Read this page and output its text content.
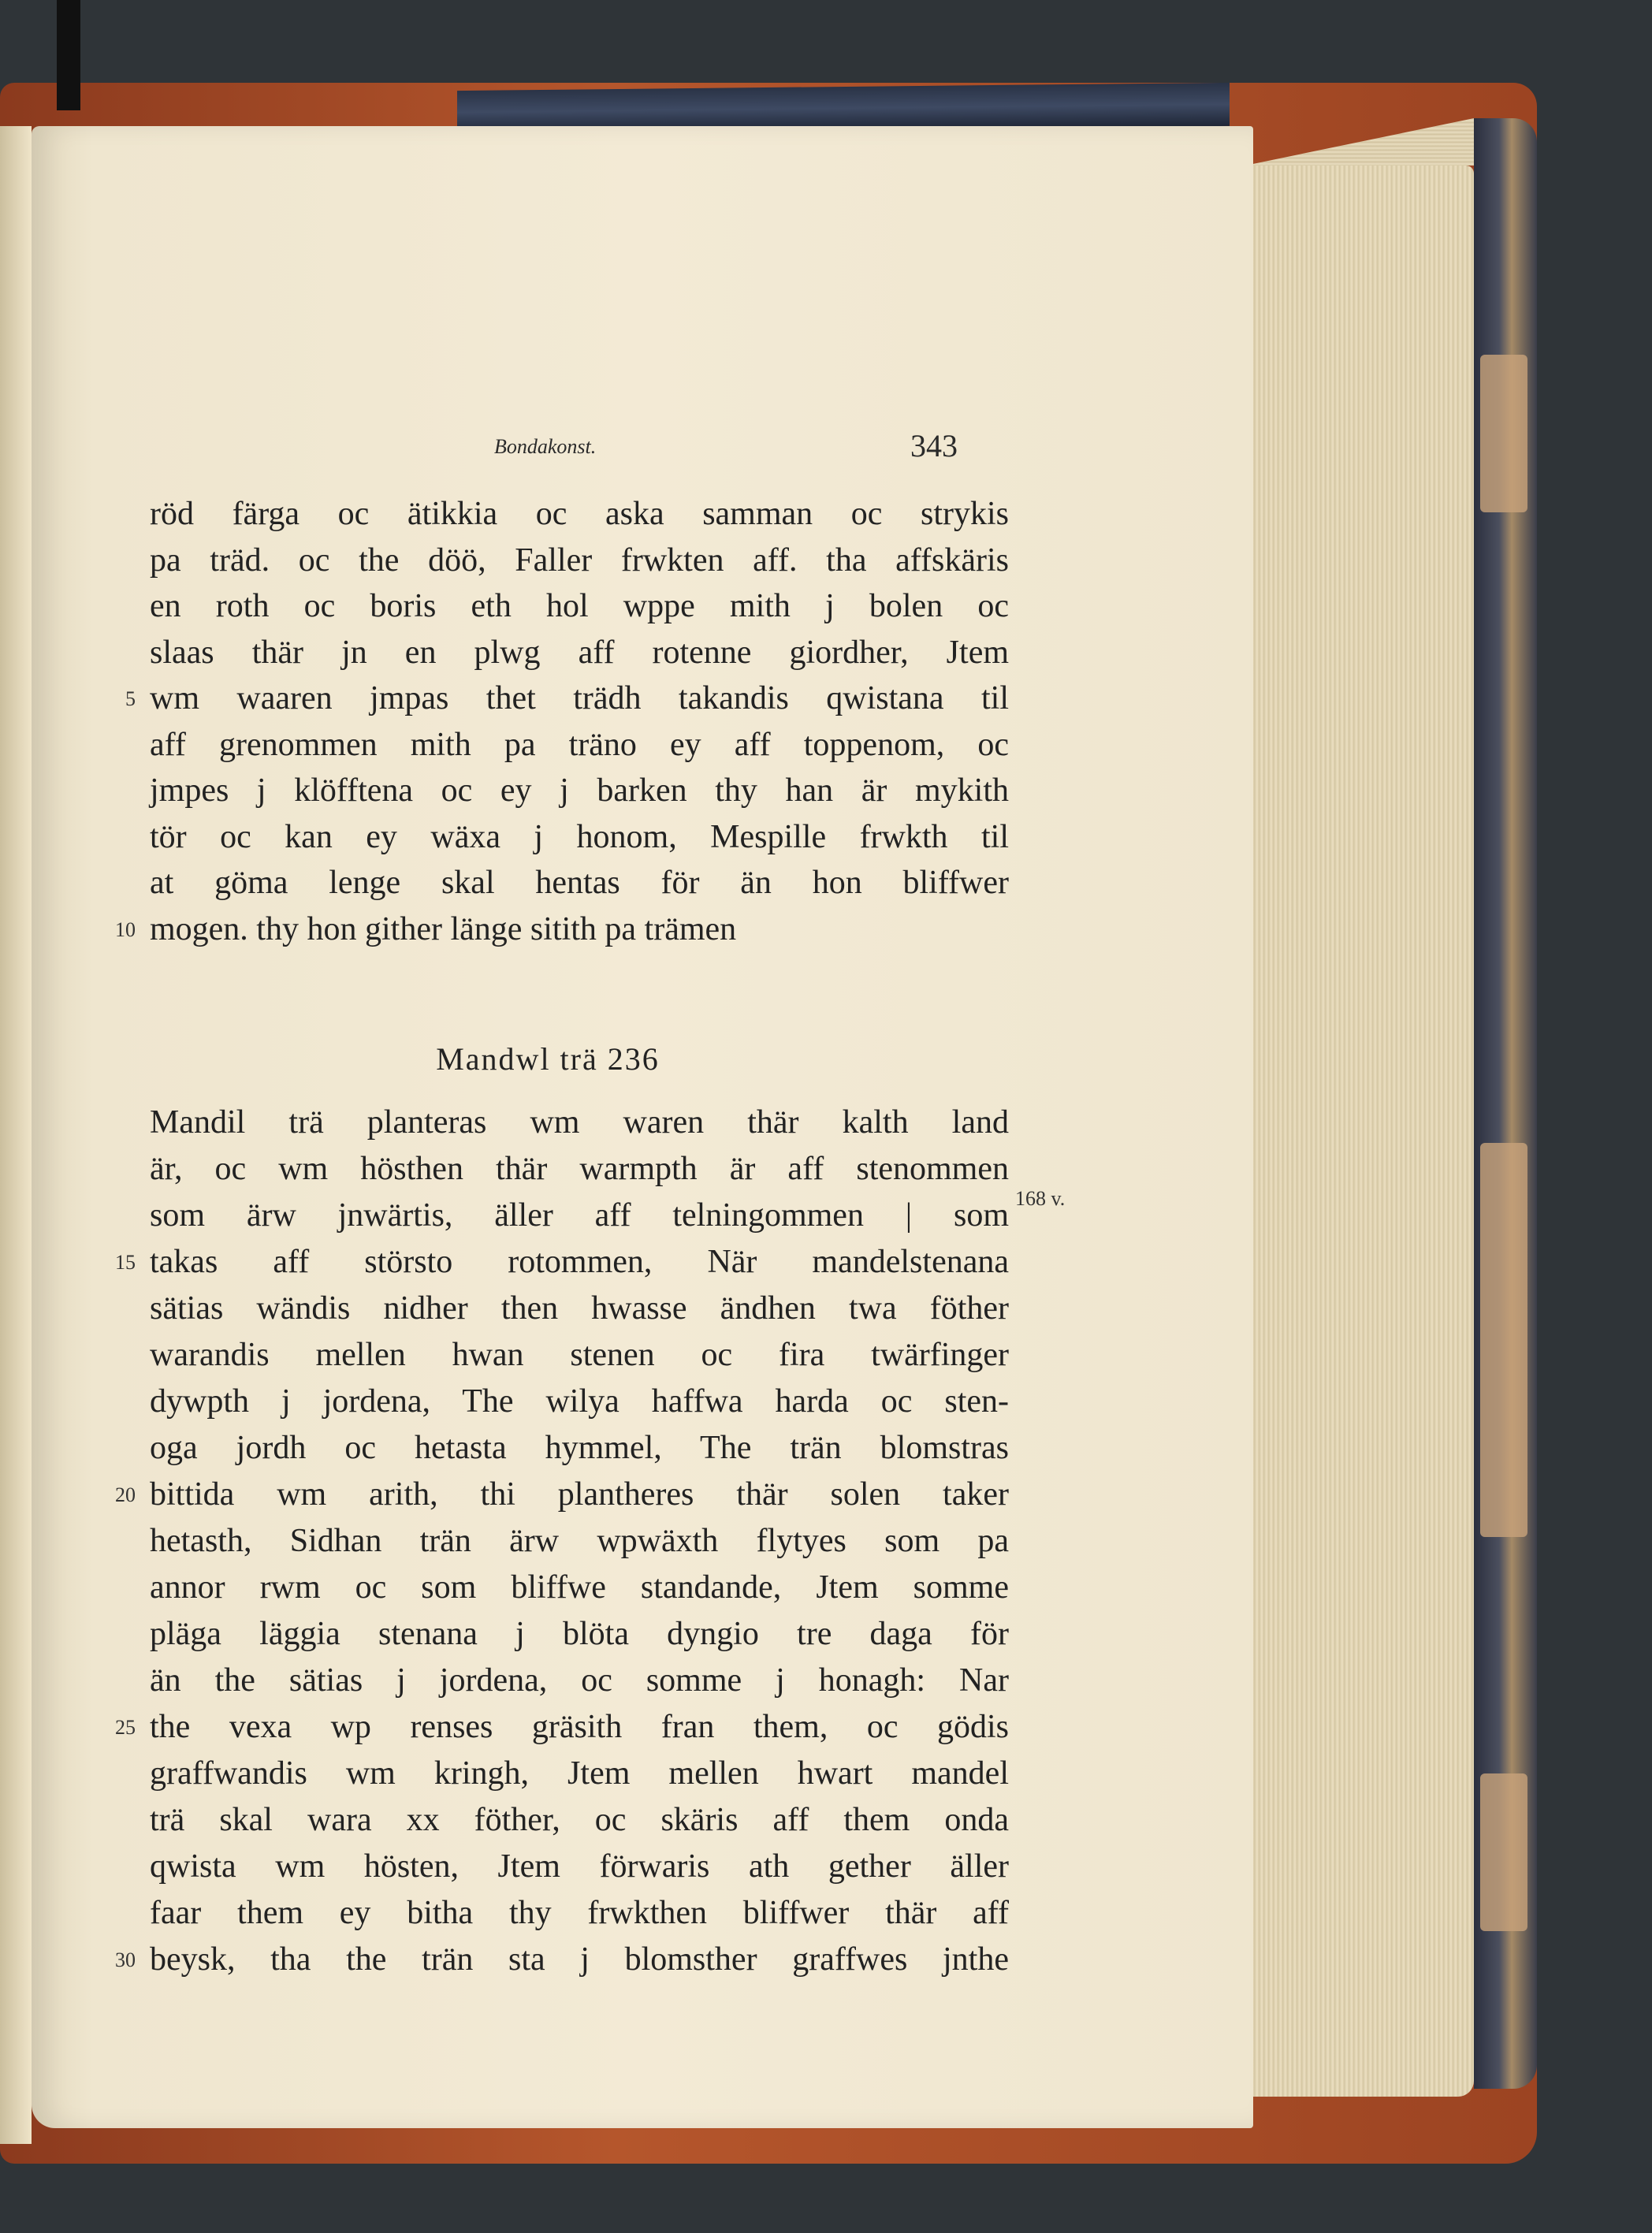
Bondakonst.	343
röd färga oc ätikkia oc aska samman oc strykis
pa träd. oc the döö, Faller frwkten aff. tha affskäris
en roth oc boris eth hol wppe mith j bolen oc
slaas thär jn en plwg aff rotenne giordher, Jtem
wm waaren jmpas thet trädh takandis qwistana til
5
aff grenommen mith pa träno ey aff toppenom, oc
jmpes j klöfftena oc ey j barken thy han är mykith
tör oc kan ey wäxa j honom, Mespille frwkth til
at göma lenge skal hentas för än hon bliffwer
mogen. thy hon gither länge sitith pa trämen
10
Mandwl trä 236
Mandil trä planteras wm waren thär kalth land
är, oc wm hösthen thär warmpth är aff stenommen
som ärw jnwärtis, äller aff telningommen | som
takas aff störsto rotommen, När mandelstenana
15
sätias wändis nidher then hwasse ändhen twa föther
warandis mellen hwan stenen oc fira twärfinger
dywpth j jordena, The wilya haffwa harda oc sten-
oga jordh oc hetasta hymmel, The trän blomstras
bittida wm arith, thi plantheres thär solen taker
20
hetasth, Sidhan trän ärw wpwäxth flytyes som pa
annor rwm oc som bliffwe standande, Jtem somme
pläga läggia stenana j blöta dyngio tre daga för
än the sätias j jordena, oc somme j honagh: Nar
the vexa wp renses gräsith fran them, oc gödis
25
graffwandis wm kringh, Jtem mellen hwart mandel
trä skal wara xx föther, oc skäris aff them onda
qwista wm hösten, Jtem förwaris ath gether äller
faar them ey bitha thy frwkthen bliffwer thär aff
beysk, tha the trän sta j blomsther graffwes jnthe
30
168 v.
